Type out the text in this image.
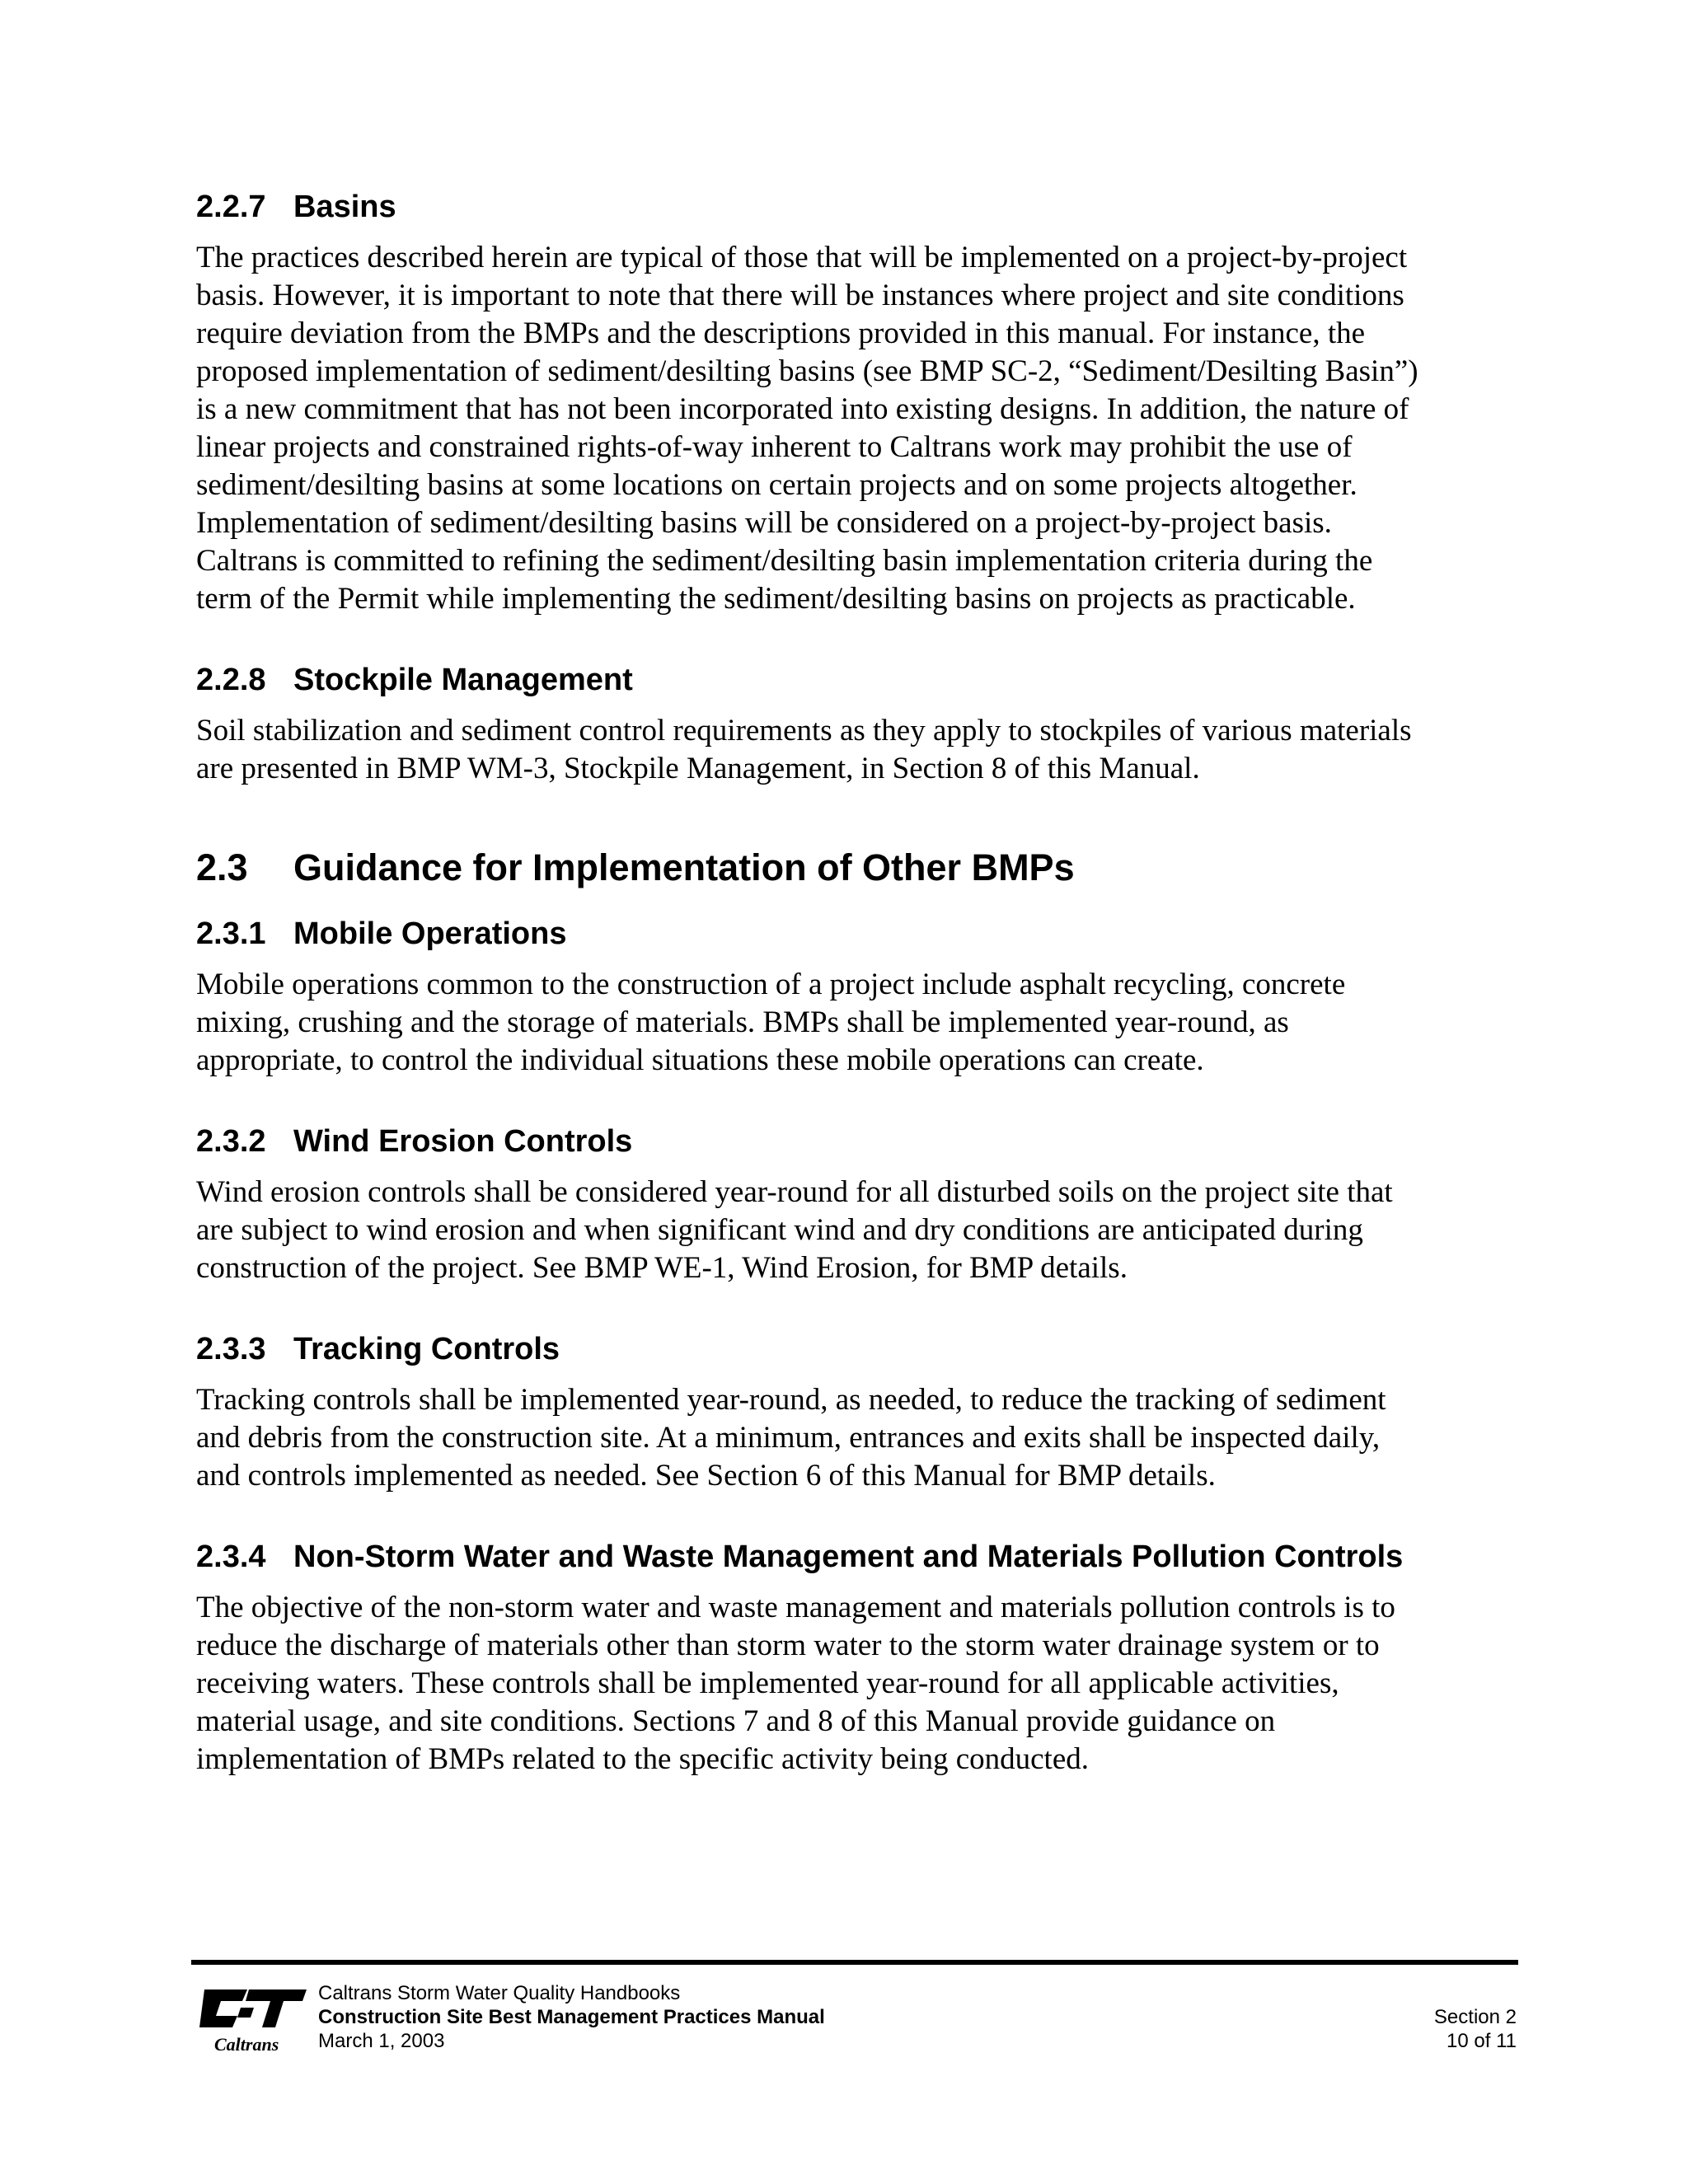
2.2.7 Basins

The practices described herein are typical of those that will be implemented on a project-by-project
basis. However, it is important to note that there will be instances where project and site conditions
require deviation from the BMPs and the descriptions provided in this manual. For instance, the
proposed implementation of sediment/desilting basins (see BMP SC-2, “Sediment/Desilting Basin”)
is a new commitment that has not been incorporated into existing designs. In addition, the nature of
linear projects and constrained rights-of-way inherent to Caltrans work may prohibit the use of
sediment/desilting basins at some locations on certain projects and on some projects altogether.
Implementation of sediment/desilting basins will be considered on a project-by-project basis.
Caltrans is committed to refining the sediment/desilting basin implementation criteria during the
term of the Permit while implementing the sediment/desilting basins on projects as practicable.

2.2.8 Stockpile Management

Soil stabilization and sediment control requirements as they apply to stockpiles of various materials
are presented in BMP WM-3, Stockpile Management, in Section 8 of this Manual.

2.3	Guidance for Implementation of Other BMPs
2.3.1 Mobile Operations

Mobile operations common to the construction of a project include asphalt recycling, concrete
mixing, crushing and the storage of materials. BMPs shall be implemented year-round, as
appropriate, to control the individual situations these mobile operations can create.

2.3.2 Wind Erosion Controls

Wind erosion controls shall be considered year-round for all disturbed soils on the project site that
are subject to wind erosion and when significant wind and dry conditions are anticipated during
construction of the project. See BMP WE-1, Wind Erosion, for BMP details.

2.3.3 Tracking Controls

Tracking controls shall be implemented year-round, as needed, to reduce the tracking of sediment
and debris from the construction site. At a minimum, entrances and exits shall be inspected daily,
and controls implemented as needed. See Section 6 of this Manual for BMP details.

2.3.4 Non-Storm Water and Waste Management and Materials Pollution Controls

The objective of the non-storm water and waste management and materials pollution controls is to
reduce the discharge of materials other than storm water to the storm water drainage system or to
receiving waters. These controls shall be implemented year-round for all applicable activities,
material usage, and site conditions. Sections 7 and 8 of this Manual provide guidance on
implementation of BMPs related to the specific activity being conducted.

Caltrans
Caltrans Storm Water Quality Handbooks
Construction Site Best Management Practices Manual
March 1, 2003
Section 2
10 of 11
